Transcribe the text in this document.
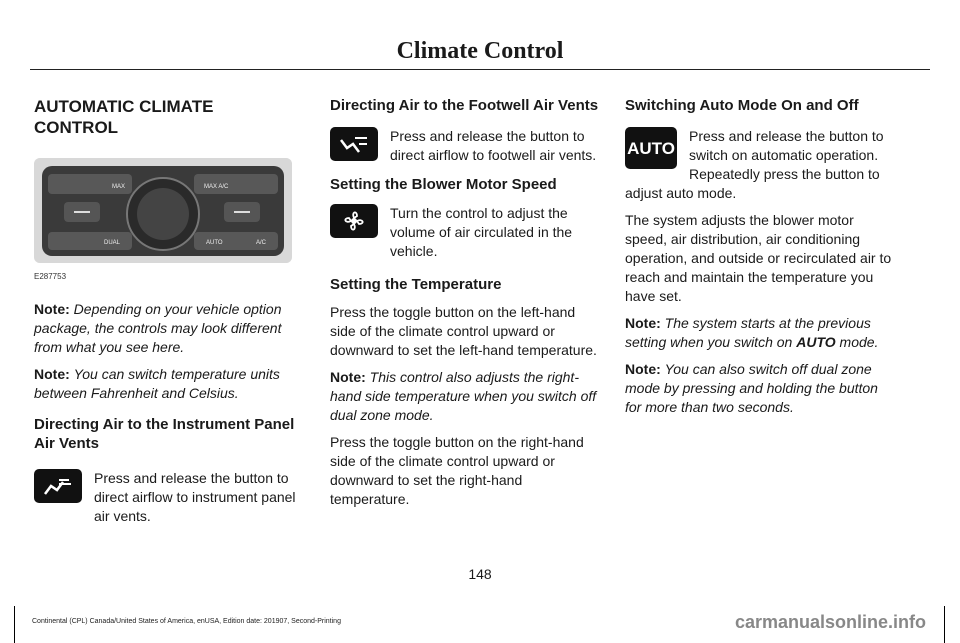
Climate Control
AUTOMATIC CLIMATE CONTROL
MAX	MAX A/C
DUAL	AUTO	A/C
E287753

Note: Depending on your vehicle option package, the controls may look different from what you see here.

Note: You can switch temperature units between Fahrenheit and Celsius.

Directing Air to the Instrument Panel Air Vents

Press and release the button to direct airflow to instrument panel air vents.

Directing Air to the Footwell Air Vents

Press and release the button to direct airflow to footwell air vents.

Setting the Blower Motor Speed

Turn the control to adjust the volume of air circulated in the vehicle.

Setting the Temperature

Press the toggle button on the left-hand side of the climate control upward or downward to set the left-hand temperature.

Note: This control also adjusts the right-hand side temperature when you switch off dual zone mode.

Press the toggle button on the right-hand side of the climate control upward or downward to set the right-hand temperature.

Switching Auto Mode On and Off
AUTO

Press and release the button to switch on automatic operation. Repeatedly press the button to adjust auto mode.

The system adjusts the blower motor speed, air distribution, air conditioning operation, and outside or recirculated air to reach and maintain the temperature you have set.

Note: The system starts at the previous setting when you switch on AUTO mode.

Note: You can also switch off dual zone mode by pressing and holding the button for more than two seconds.

148
Continental (CPL) Canada/United States of America, enUSA, Edition date: 201907, Second-Printing	carmanualsonline.info
